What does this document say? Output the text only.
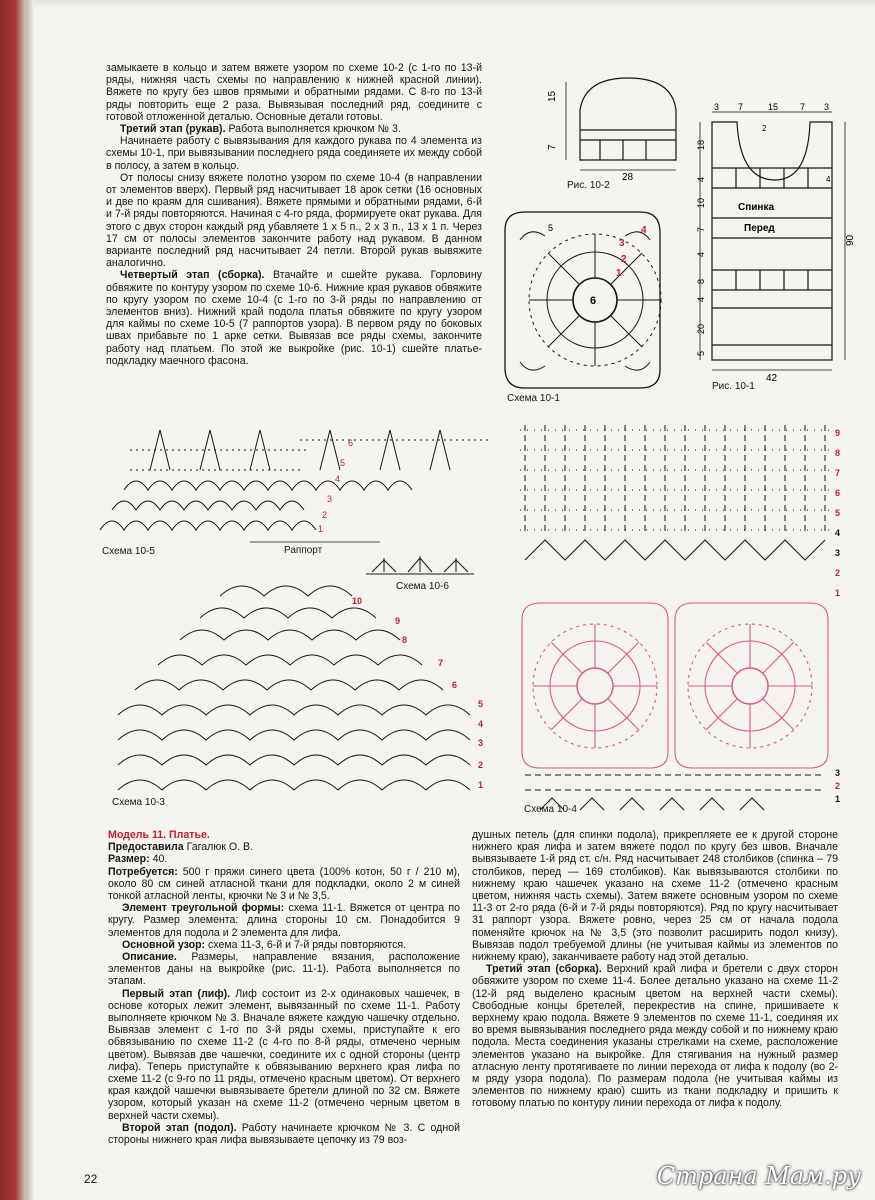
замыкаете в кольцо и затем вяжете узором по схеме 10-2 (с 1-го по 13-й ряды, нижняя часть схемы по направлению к нижней красной линии). Вяжете по кругу без швов прямыми и обратными рядами. С 8-го по 13-й ряды повторить еще 2 раза. Вывязывая последний ряд, соедините с готовой отложенной деталью. Основные детали готовы.

Третий этап (рукав). Работа выполняется крючком № 3.

Начинаете работу с вывязывания для каждого рукава по 4 элемента из схемы 10-1, при вывязывании последнего ряда соединяете их между собой в полосу, а затем в кольцо.

От полосы снизу вяжете полотно узором по схеме 10-4 (в направлении от элементов вверх). Первый ряд насчитывает 18 арок сетки (16 основных и две по краям для сшивания). Вяжете прямыми и обратными рядами, 6-й и 7-й ряды повторяются. Начиная с 4-го ряда, формируете окат рукава. Для этого с двух сторон каждый ряд убавляете 1 х 5 п., 2 х 3 п., 13 х 1 п. Через 17 см от полосы элементов закончите работу над рукавом. В данном варианте последний ряд насчитывает 24 петли. Второй рукав вывяжите аналогично.

Четвертый этап (сборка). Втачайте и сшейте рукава. Горловину обвяжите по контуру узором по схеме 10-6. Нижние края рукавов обвяжите по кругу узором по схеме 10-4 (с 1-го по 3-й ряды по направлению от элементов вниз). Нижний край подола платья обвяжите по кругу узором для каймы по схеме 10-5 (7 раппортов узора). В первом ряду по боковых швах прибавьте по 1 арке сетки. Вывязав все ряды схемы, закончите работу над платьем. По этой же выкройке (рис. 10-1) сшейте платье-подкладку маечного фасона.

15
7
28
Спинка
Перед
3 7	15 7 3
18
4
10
7
4
8
4
20
5
90
42
2
4
6
5	4
3
2
1
6
5
4
3
2
1
10
9
8
7
6
5
4
3
2
1
9
8
7
6
5
4
3
2
1
3
2
1
Рис. 10-2
Рис. 10-1
Схема 10-1
Схема 10-5	Раппорт
Схема 10-6
Схема 10-3
Схема 10-4

Модель 11. Платье.

Предоставила Гагалюк О. В.

Размер: 40.

Потребуется: 500 г пряжи синего цвета (100% котон, 50 г / 210 м), около 80 см синей атласной ткани для подкладки, около 2 м синей тонкой атласной ленты, крючки № 3 и № 3,5.

Элемент треугольной формы: схема 11-1. Вяжется от центра по кругу. Размер элемента: длина стороны 10 см. Понадобится 9 элементов для подола и 2 элемента для лифа.

Основной узор: схема 11-3, 6-й и 7-й ряды повторяются.

Описание. Размеры, направление вязания, расположение элементов даны на выкройке (рис. 11-1). Работа выполняется по этапам.

Первый этап (лиф). Лиф состоит из 2-х одинаковых чашечек, в основе которых лежит элемент, вывязанный по схеме 11-1. Работу выполняете крючком № 3. Вначале вяжете каждую чашечку отдельно. Вывязав элемент с 1-го по 3-й ряды схемы, приступайте к его обвязыванию по схеме 11-2 (с 4-го по 8-й ряды, отмечено черным цветом). Вывязав две чашечки, соедините их с одной стороны (центр лифа). Теперь приступайте к обвязыванию верхнего края лифа по схеме 11-2 (с 9-го по 11 ряды, отмечено красным цветом). От верхнего края каждой чашечки вывязываете бретели длиной по 32 см. Вяжете узором, который указан на схеме 11-2 (отмечено черным цветом в верхней части схемы).

Второй этап (подол). Работу начинаете крючком № 3. С одной стороны нижнего края лифа вывязываете цепочку из 79 воз-

душных петель (для спинки подола), прикрепляете ее к другой стороне нижнего края лифа и затем вяжете подол по кругу без швов. Вначале вывязываете 1-й ряд ст. с/н. Ряд насчитывает 248 столбиков (спинка – 79 столбиков, перед — 169 столбиков). Как вывязываются столбики по нижнему краю чашечек указано на схеме 11-2 (отмечено красным цветом, нижняя часть схемы). Затем вяжете основным узором по схеме 11-3 от 2-го ряда (6-й и 7-й ряды повторяются). Ряд по кругу насчитывает 31 раппорт узора. Вяжете ровно, через 25 см от начала подола поменяйте крючок на № 3,5 (это позволит расширить подол книзу). Вывязав подол требуемой длины (не учитывая каймы из элементов по нижнему краю), заканчиваете работу над этой деталью.

Третий этап (сборка). Верхний край лифа и бретели с двух сторон обвяжите узором по схеме 11-4. Более детально указано на схеме 11-2 (12-й ряд выделено красным цветом на верхней части схемы). Свободные концы бретелей, перекрестив на спине, пришиваете к верхнему краю подола. Вяжете 9 элементов по схеме 11-1, соединяя их во время вывязывания последнего ряда между собой и по нижнему краю подола. Места соединения указаны стрелками на схеме, расположение элементов указано на выкройке. Для стягивания на нужный размер атласную ленту протягиваете по линии перехода от лифа к подолу (во 2-м ряду узора подола). По размерам подола (не учитывая каймы из элементов по нижнему краю) сшить из ткани подкладку и пришить к готовому платью по контуру линии перехода от лифа к подолу.

22	Страна Мам.ру
